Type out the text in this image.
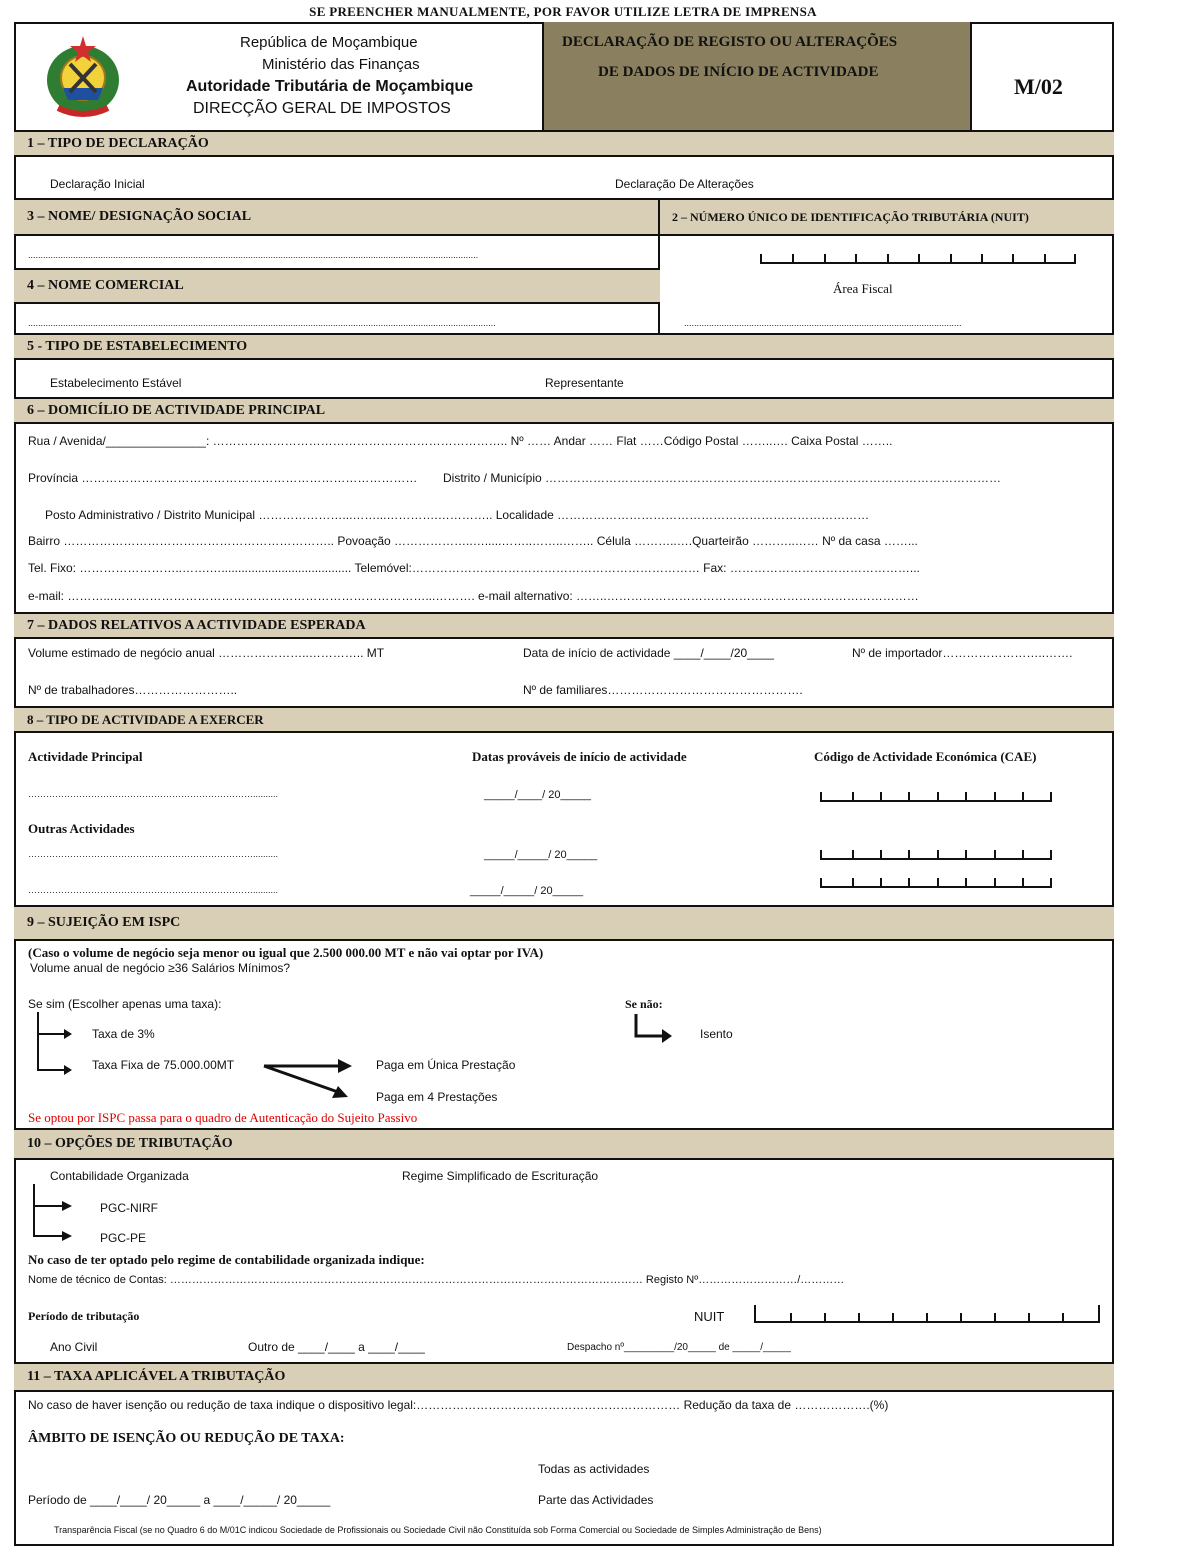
SE PREENCHER MANUALMENTE, POR FAVOR UTILIZE LETRA DE IMPRENSA
República de Moçambique
Ministério das Finanças
Autoridade Tributária de Moçambique
DIRECÇÃO GERAL DE IMPOSTOS
DECLARAÇÃO DE REGISTO OU ALTERAÇÕES
DE DADOS DE INÍCIO DE ACTIVIDADE
M/02
1 – TIPO DE DECLARAÇÃO
Declaração Inicial	Declaração De Alterações
3 – NOME/ DESIGNAÇÃO SOCIAL	2 – NÚMERO ÚNICO DE IDENTIFICAÇÃO TRIBUTÁRIA (NUIT)
....................................................................................................................................................................................
Área Fiscal
...............................................................................................................
4 – NOME COMERCIAL
...........................................................................................................................................................................................
5 - TIPO DE ESTABELECIMENTO
Estabelecimento Estável	Representante
6 – DOMICÍLIO DE ACTIVIDADE PRINCIPAL
Rua / Avenida/_______________: ……………………………………………………………….. Nº …… Andar …… Flat ……Código Postal ……..…. Caixa Postal ……..
Província …………………………………………………………………………	Distrito / Município ……………………………………………………………………………………………………
Posto Administrativo / Distrito Municipal …………………...……...………….………….. Localidade ……………………………………………………………………
Bairro ………………………………………………………….. Povoação ………………..….....……..……..…….. Célula ………..….Quarteirão ………..…… Nº da casa ……...
Tel. Fixo: ……………………..…….…....................................... Telemóvel:……………………………………………………………… Fax: ………………………………………...
e-mail: ………...……………………………………………………………………...………. e-mail alternativo: ……..……………………………………………………………………
7 – DADOS RELATIVOS A ACTIVIDADE ESPERADA
Volume estimado de negócio anual …………………..………….. MT	Data de início de actividade ____/____/20____	Nº de importador……………………..…….
Nº de trabalhadores……………………..	Nº de familiares………………………………………….
8 – TIPO DE ACTIVIDADE A EXERCER
Actividade Principal	Datas prováveis de início de actividade	Código de Actividade Económica (CAE)
…………………………………………………………………..........	_____/____/ 20_____
Outras Actividades
…………………………………………………………………..........	_____/_____/ 20_____
…………………………………………………………………..........	_____/_____/ 20_____
9 – SUJEIÇÃO EM ISPC
(Caso o volume de negócio seja menor ou igual que 2.500 000.00 MT e não vai optar por IVA)
Volume anual de negócio ≥36 Salários Mínimos?
Se sim (Escolher apenas uma taxa):	Se não:
Taxa de 3%	Isento
Taxa Fixa de 75.000.00MT	Paga em Única Prestação
Paga em 4 Prestações
Se optou por ISPC passa para o quadro de Autenticação do Sujeito Passivo
10 – OPÇÕES DE TRIBUTAÇÃO
Contabilidade Organizada	Regime Simplificado de Escrituração
PGC-NIRF
PGC-PE
No caso de ter optado pelo regime de contabilidade organizada indique:
Nome de técnico de Contas: ………………………………………………………………………………………………………………… Registo Nº………………………/…………
Período de tributação	NUIT
Ano Civil	Outro de ____/____ a ____/____	Despacho nº_________/20_____ de _____/_____
11 – TAXA APLICÁVEL A TRIBUTAÇÃO
No caso de haver isenção ou redução de taxa indique o dispositivo legal:………………………………………………………… Redução da taxa de ……………….(%)
ÂMBITO DE ISENÇÃO OU REDUÇÃO DE TAXA:
Todas as actividades
Período de ____/____/ 20_____ a ____/_____/ 20_____	Parte das Actividades
Transparência Fiscal (se no Quadro 6 do M/01C indicou Sociedade de Profissionais ou Sociedade Civil não Constituída sob Forma Comercial ou Sociedade de Simples Administração de Bens)
